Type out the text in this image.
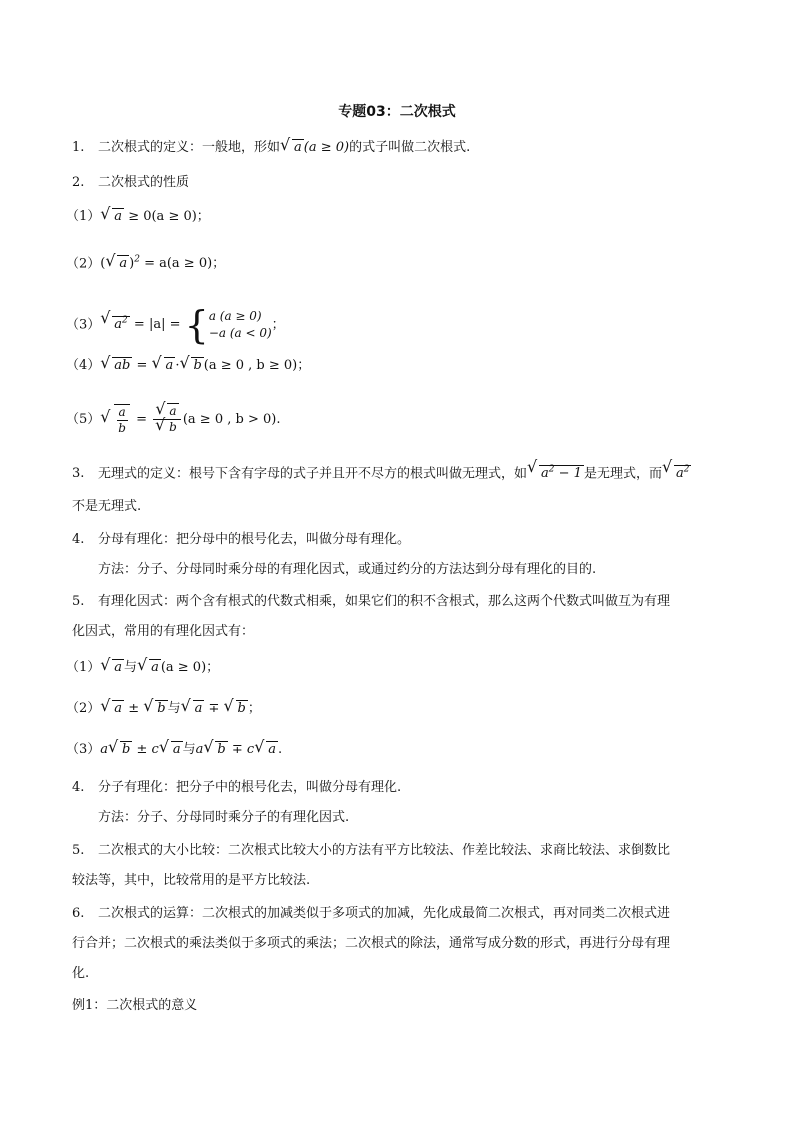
专题03：二次根式
1. 二次根式的定义：一般地，形如 √ a (a ≥ 0)的式子叫做二次根式.
2. 二次根式的性质
（1） √ a ≥ 0(a ≥ 0)；
（2）( √ a )$^2$ = a(a ≥ 0)；
（3） √ $a^2 = |a|$ = { a (a ≥ 0)
−a (a < 0)
；
（4） √ ab = √ a · √ b (a ≥ 0 , b ≥ 0)；
（5） √ $\frac{a}{b}$ = √ a
√ b (a ≥ 0 , b > 0).
3. 无理式的定义：根号下含有字母的式子并且开不尽方的根式叫做无理式，如 √ $a^2 - 1$ 是无理式，而 √ $a^2$
不是无理式.
4. 分母有理化：把分母中的根号化去，叫做分母有理化。
方法：分子、分母同时乘分母的有理化因式，或通过约分的方法达到分母有理化的目的.
5. 有理化因式：两个含有根式的代数式相乘，如果它们的积不含根式，那么这两个代数式叫做互为有理
化因式，常用的有理化因式有：
（1） √ a 与 √ a (a ≥ 0)；
（2） √ a ± √ b 与 √ a ∓ √ b ；
（3）a √ b ± c √ a 与a √ b ∓ c √ a .
4. 分子有理化：把分子中的根号化去，叫做分母有理化.
方法：分子、分母同时乘分子的有理化因式.
5. 二次根式的大小比较：二次根式比较大小的方法有平方比较法、作差比较法、求商比较法、求倒数比
较法等，其中，比较常用的是平方比较法.
6. 二次根式的运算：二次根式的加减类似于多项式的加减，先化成最简二次根式，再对同类二次根式进
行合并；二次根式的乘法类似于多项式的乘法；二次根式的除法，通常写成分数的形式，再进行分母有理
化.
例1：二次根式的意义
